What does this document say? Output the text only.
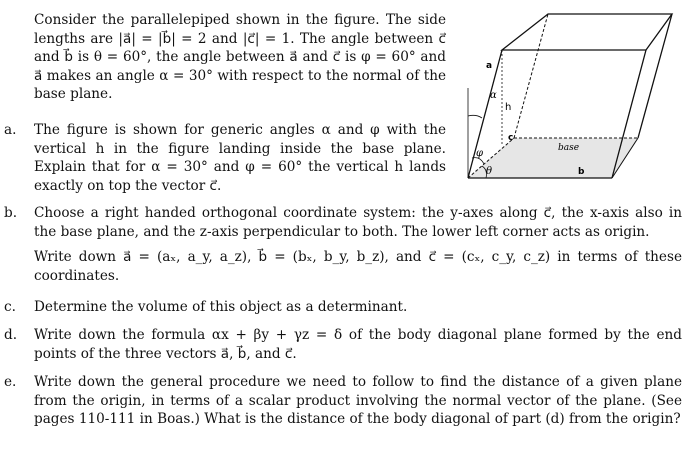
Consider the parallelepiped shown in the figure. The side lengths are |a⃗| = |b⃗| = 2 and |c⃗| = 1. The angle between c⃗ and b⃗ is θ = 60°, the angle between a⃗ and c⃗ is φ = 60° and a⃗ makes an angle α = 30° with respect to the normal of the base plane.

a.	The figure is shown for generic angles α and φ with the vertical h in the figure landing inside the base plane. Explain that for α = 30° and φ = 60° the vertical h lands exactly on top the vector c⃗.

b.	Choose a right handed orthogonal coordinate system: the y-axes along c⃗, the x-axis also in the base plane, and the z-axis perpendicular to both. The lower left corner acts as origin.

Write down a⃗ = (aₓ, a_y, a_z), b⃗ = (bₓ, b_y, b_z), and c⃗ = (cₓ, c_y, c_z) in terms of these coordinates.

c.	Determine the volume of this object as a determinant.

d.	Write down the formula αx + βy + γz = δ of the body diagonal plane formed by the end points of the three vectors a⃗, b⃗, and c⃗.

e.	Write down the general procedure we need to follow to find the distance of a given plane from the origin, in terms of a scalar product involving the normal vector of the plane. (See pages 110-111 in Boas.) What is the distance of the body diagonal of part (d) from the origin?

a
b
c
h
α
φ
θ
base
